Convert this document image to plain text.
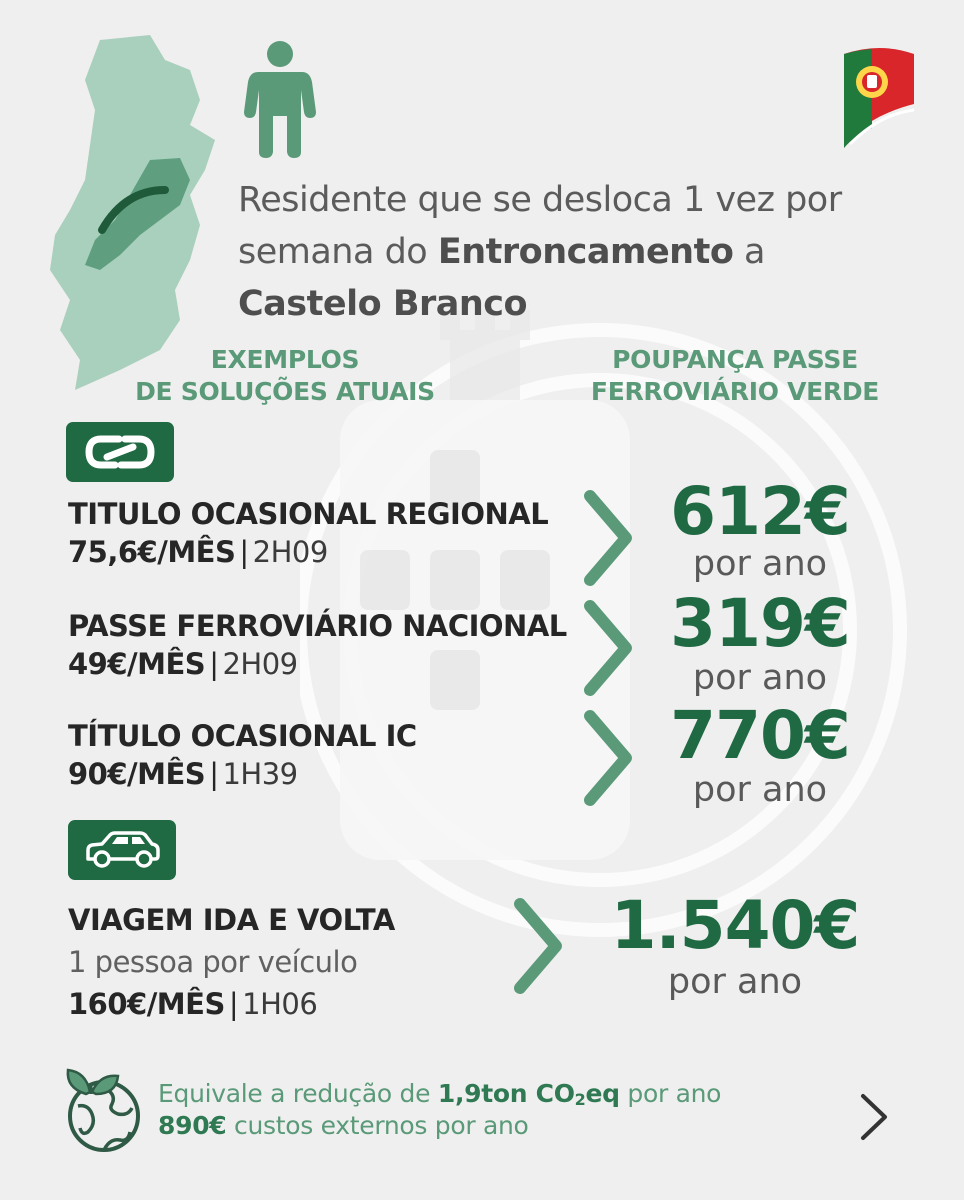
Residente que se desloca 1 vez por semana do Entroncamento a Castelo Branco
EXEMPLOS
DE SOLUÇÕES ATUAIS
POUPANÇA PASSE
FERROVIÁRIO VERDE
TITULO OCASIONAL REGIONAL
75,6€/MÊS | 2H09
612€
por ano
PASSE FERROVIÁRIO NACIONAL
49€/MÊS | 2H09
319€
por ano
TÍTULO OCASIONAL IC
90€/MÊS | 1H39	770€
por ano
VIAGEM IDA E VOLTA
1 pessoa por veículo
160€/MÊS | 1H06
1.540€
por ano
Equivale a redução de 1,9ton $CO_2eq$ por ano
890€ custos externos por ano
